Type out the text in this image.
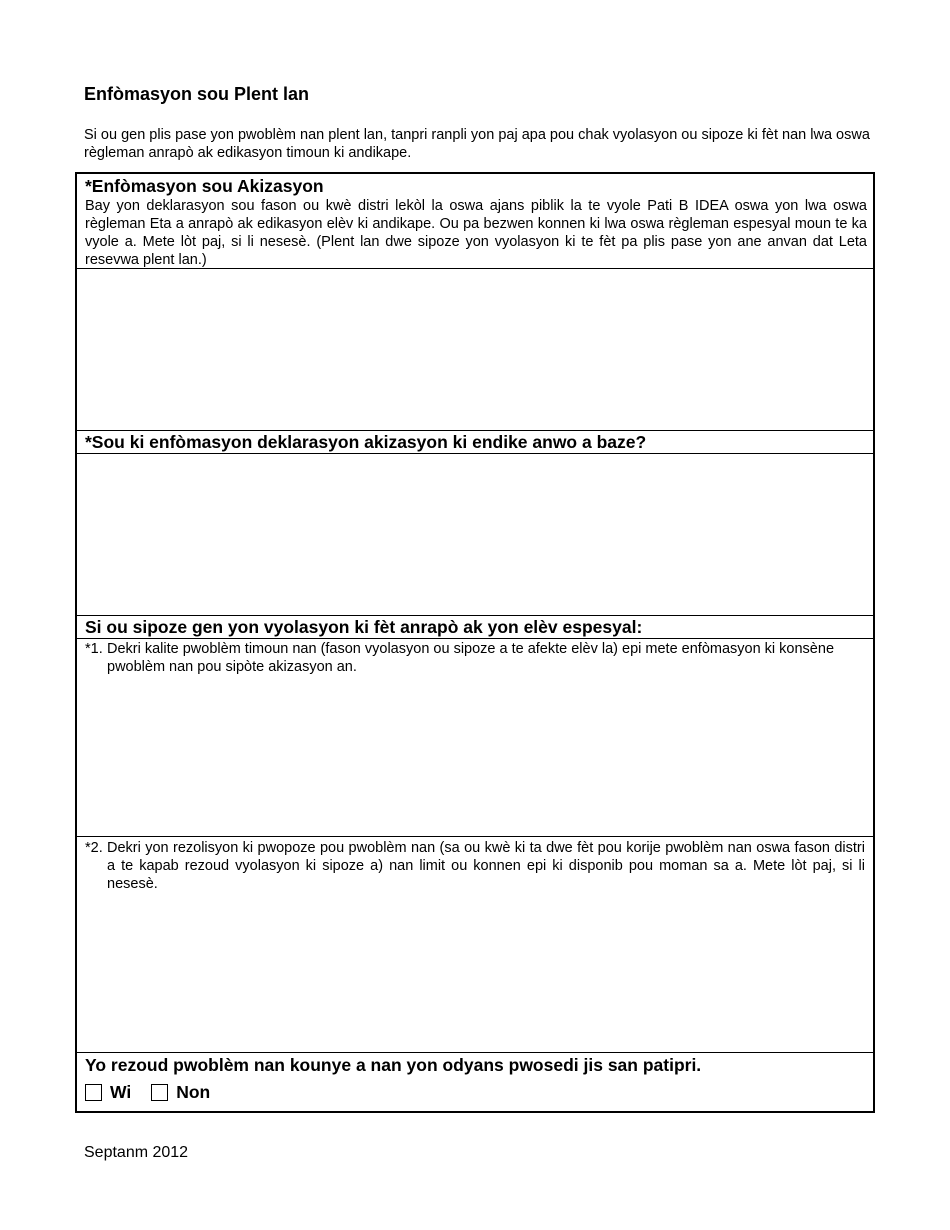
Enfòmasyon sou Plent lan

Si ou gen plis pase yon pwoblèm nan plent lan, tanpri ranpli yon paj apa pou chak vyolasyon ou sipoze ki fèt nan lwa oswa règleman anrapò ak edikasyon timoun ki andikape.

*Enfòmasyon sou Akizasyon
Bay yon deklarasyon sou fason ou kwè distri lekòl la oswa ajans piblik la te vyole Pati B IDEA oswa yon lwa oswa règleman Eta a anrapò ak edikasyon elèv ki andikape. Ou pa bezwen konnen ki lwa oswa règleman espesyal moun te ka vyole a. Mete lòt paj, si li nesesè. (Plent lan dwe sipoze yon vyolasyon ki te fèt pa plis pase yon ane anvan dat Leta resevwa plent lan.)
*Sou ki enfòmasyon deklarasyon akizasyon ki endike anwo a baze?
Si ou sipoze gen yon vyolasyon ki fèt anrapò ak yon elèv espesyal:
*1. Dekri kalite pwoblèm timoun nan (fason vyolasyon ou sipoze a te afekte elèv la) epi mete enfòmasyon ki konsène pwoblèm nan pou sipòte akizasyon an.
*2. Dekri yon rezolisyon ki pwopoze pou pwoblèm nan (sa ou kwè ki ta dwe fèt pou korije pwoblèm nan oswa fason distri a te kapab rezoud vyolasyon ki sipoze a) nan limit ou konnen epi ki disponib pou moman sa a. Mete lòt paj, si li nesesè.
Yo rezoud pwoblèm nan kounye a nan yon odyans pwosedi jis san patipri.
Wi	Non
Septanm 2012
